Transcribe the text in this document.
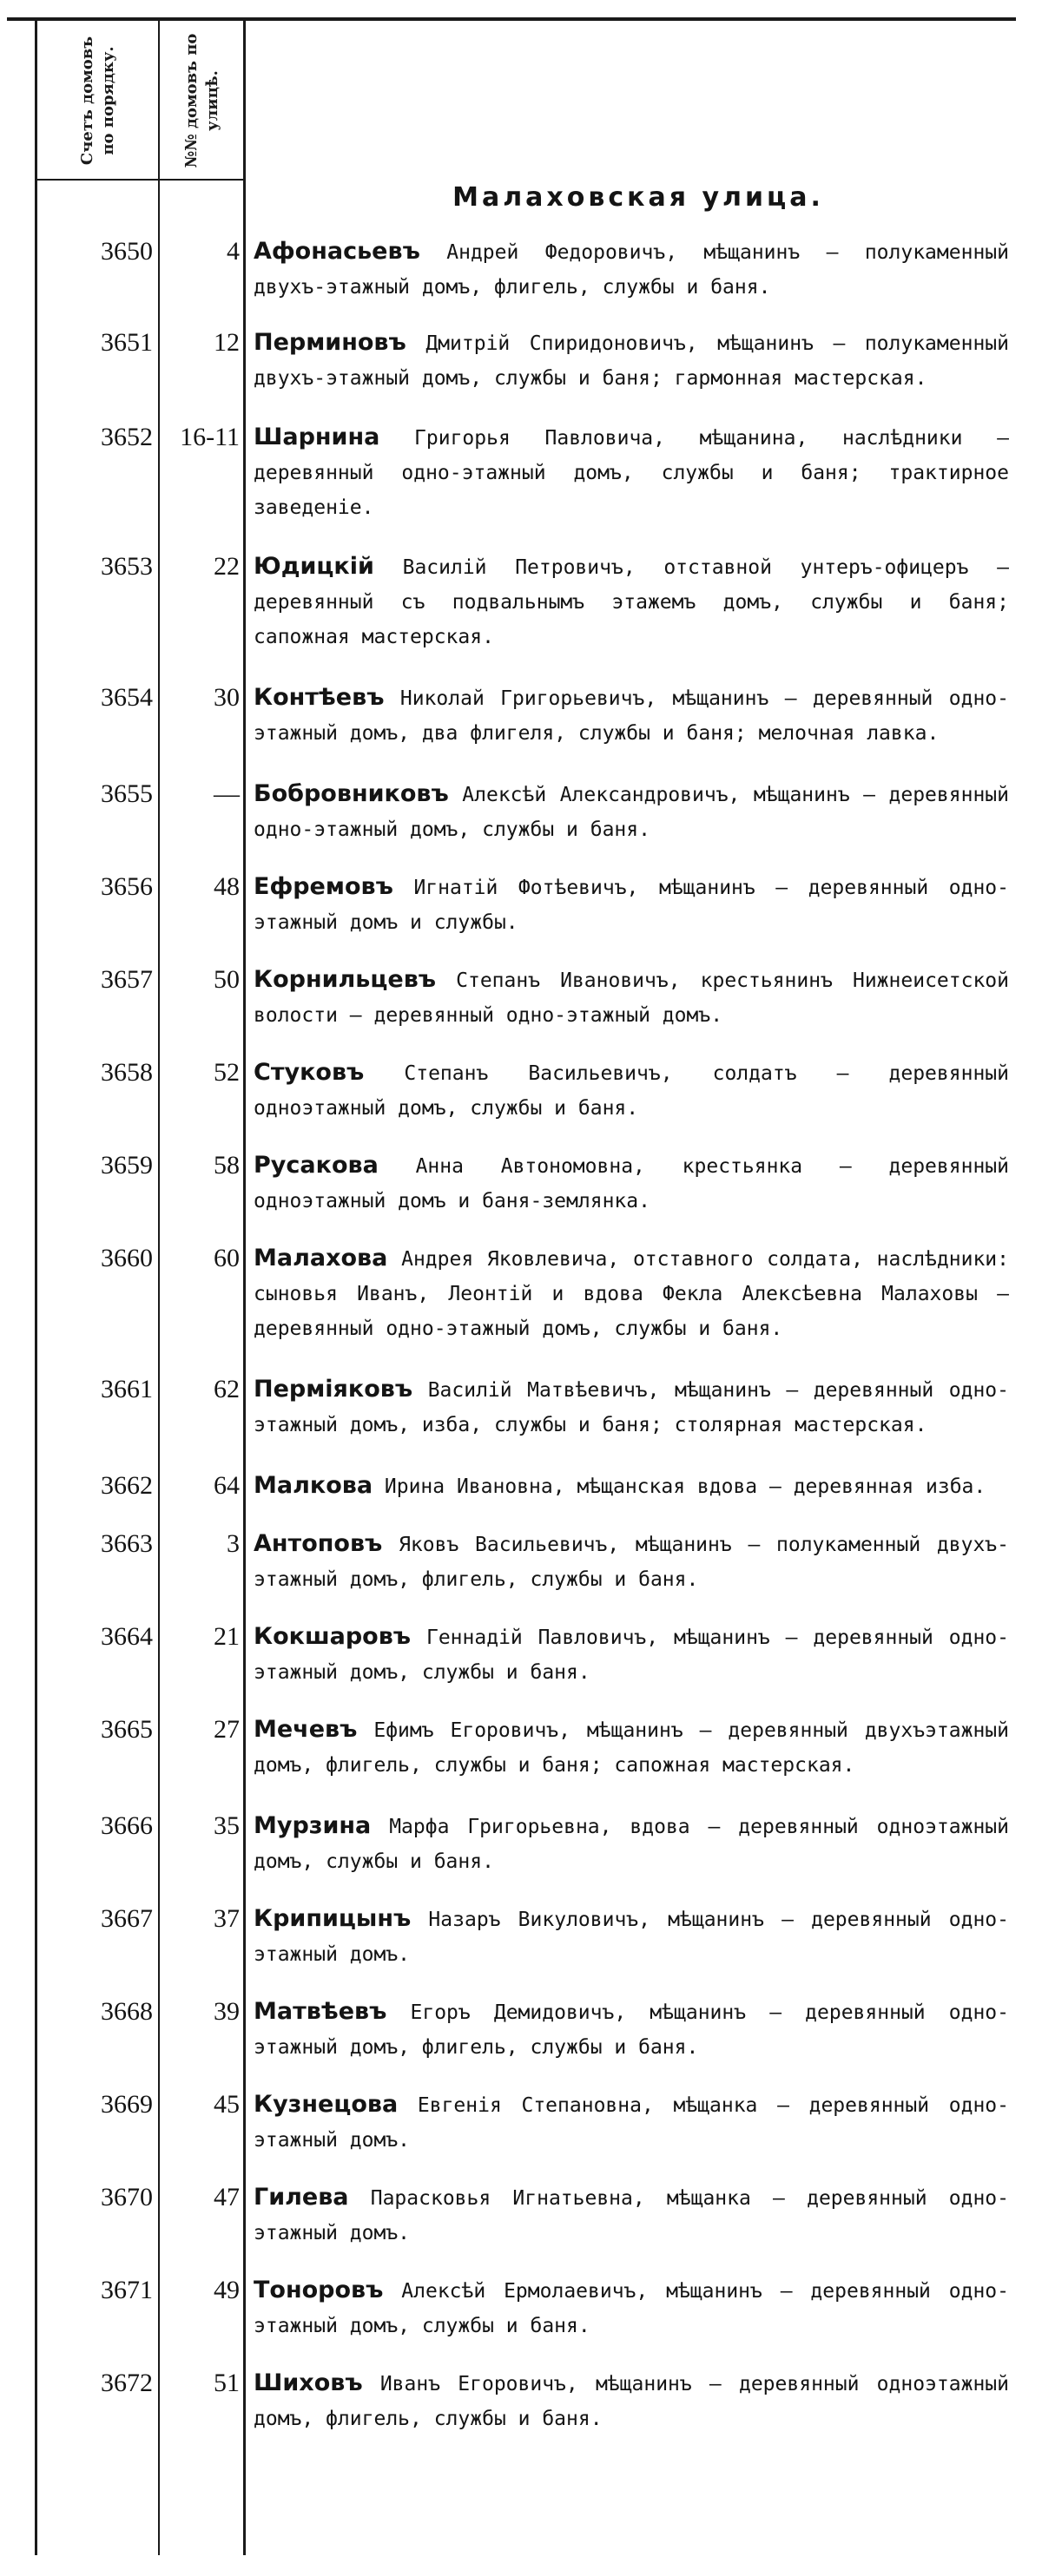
Счетъ домовъ по порядку.	№№ домовъ по улицѣ.
Малаховская улица.
3650	4 Афонасьевъ Андрей Федоровичъ, мѣщанинъ — полукаменный двухъ-этажный домъ, флигель, службы и баня.
3651	12 Перминовъ Дмитрій Спиридоновичъ, мѣщанинъ — полукаменный двухъ-этажный домъ, службы и баня; гармонная мастерская.
3652	16-11 Шарнина Григорья Павловича, мѣщанина, наслѣдники — деревянный одно-этажный домъ, службы и баня; трактирное заведеніе.
3653	22 Юдицкій Василій Петровичъ, отставной унтеръ-офицеръ — деревянный съ подвальнымъ этажемъ домъ, службы и баня; сапожная мастерская.
3654	30 Контѣевъ Николай Григорьевичъ, мѣщанинъ — деревянный одно-этажный домъ, два флигеля, службы и баня; мелочная лавка.
3655	— Бобровниковъ Алексѣй Александровичъ, мѣщанинъ — деревянный одно-этажный домъ, службы и баня.
3656	48 Ефремовъ Игнатій Фотѣевичъ, мѣщанинъ — деревянный одно-этажный домъ и службы.
3657	50 Корнильцевъ Степанъ Ивановичъ, крестьянинъ Нижнеисетской волости — деревянный одно-этажный домъ.
3658	52 Стуковъ Степанъ Васильевичъ, солдатъ — деревянный одноэтажный домъ, службы и баня.
3659	58 Русакова Анна Автономовна, крестьянка — деревянный одноэтажный домъ и баня-землянка.
3660	60 Малахова Андрея Яковлевича, отставного солдата, наслѣдники: сыновья Иванъ, Леонтій и вдова Фекла Алексѣевна Малаховы — деревянный одно-этажный домъ, службы и баня.
3661	62 Перміяковъ Василій Матвѣевичъ, мѣщанинъ — деревянный одно-этажный домъ, изба, службы и баня; столярная мастерская.
3662	64 Малкова Ирина Ивановна, мѣщанская вдова — деревянная изба.
3663	3 Антоповъ Яковъ Васильевичъ, мѣщанинъ — полукаменный двухъ-этажный домъ, флигель, службы и баня.
3664	21 Кокшаровъ Геннадій Павловичъ, мѣщанинъ — деревянный одно-этажный домъ, службы и баня.
3665	27 Мечевъ Ефимъ Егоровичъ, мѣщанинъ — деревянный двухъэтажный домъ, флигель, службы и баня; сапожная мастерская.
3666	35 Мурзина Марфа Григорьевна, вдова — деревянный одноэтажный домъ, службы и баня.
3667	37 Крипицынъ Назаръ Викуловичъ, мѣщанинъ — деревянный одно-этажный домъ.
3668	39 Матвѣевъ Егоръ Демидовичъ, мѣщанинъ — деревянный одно-этажный домъ, флигель, службы и баня.
3669	45 Кузнецова Евгенія Степановна, мѣщанка — деревянный одно-этажный домъ.
3670	47 Гилева Парасковья Игнатьевна, мѣщанка — деревянный одно-этажный домъ.
3671	49 Тоноровъ Алексѣй Ермолаевичъ, мѣщанинъ — деревянный одно-этажный домъ, службы и баня.
3672	51 Шиховъ Иванъ Егоровичъ, мѣщанинъ — деревянный одноэтажный домъ, флигель, службы и баня.
